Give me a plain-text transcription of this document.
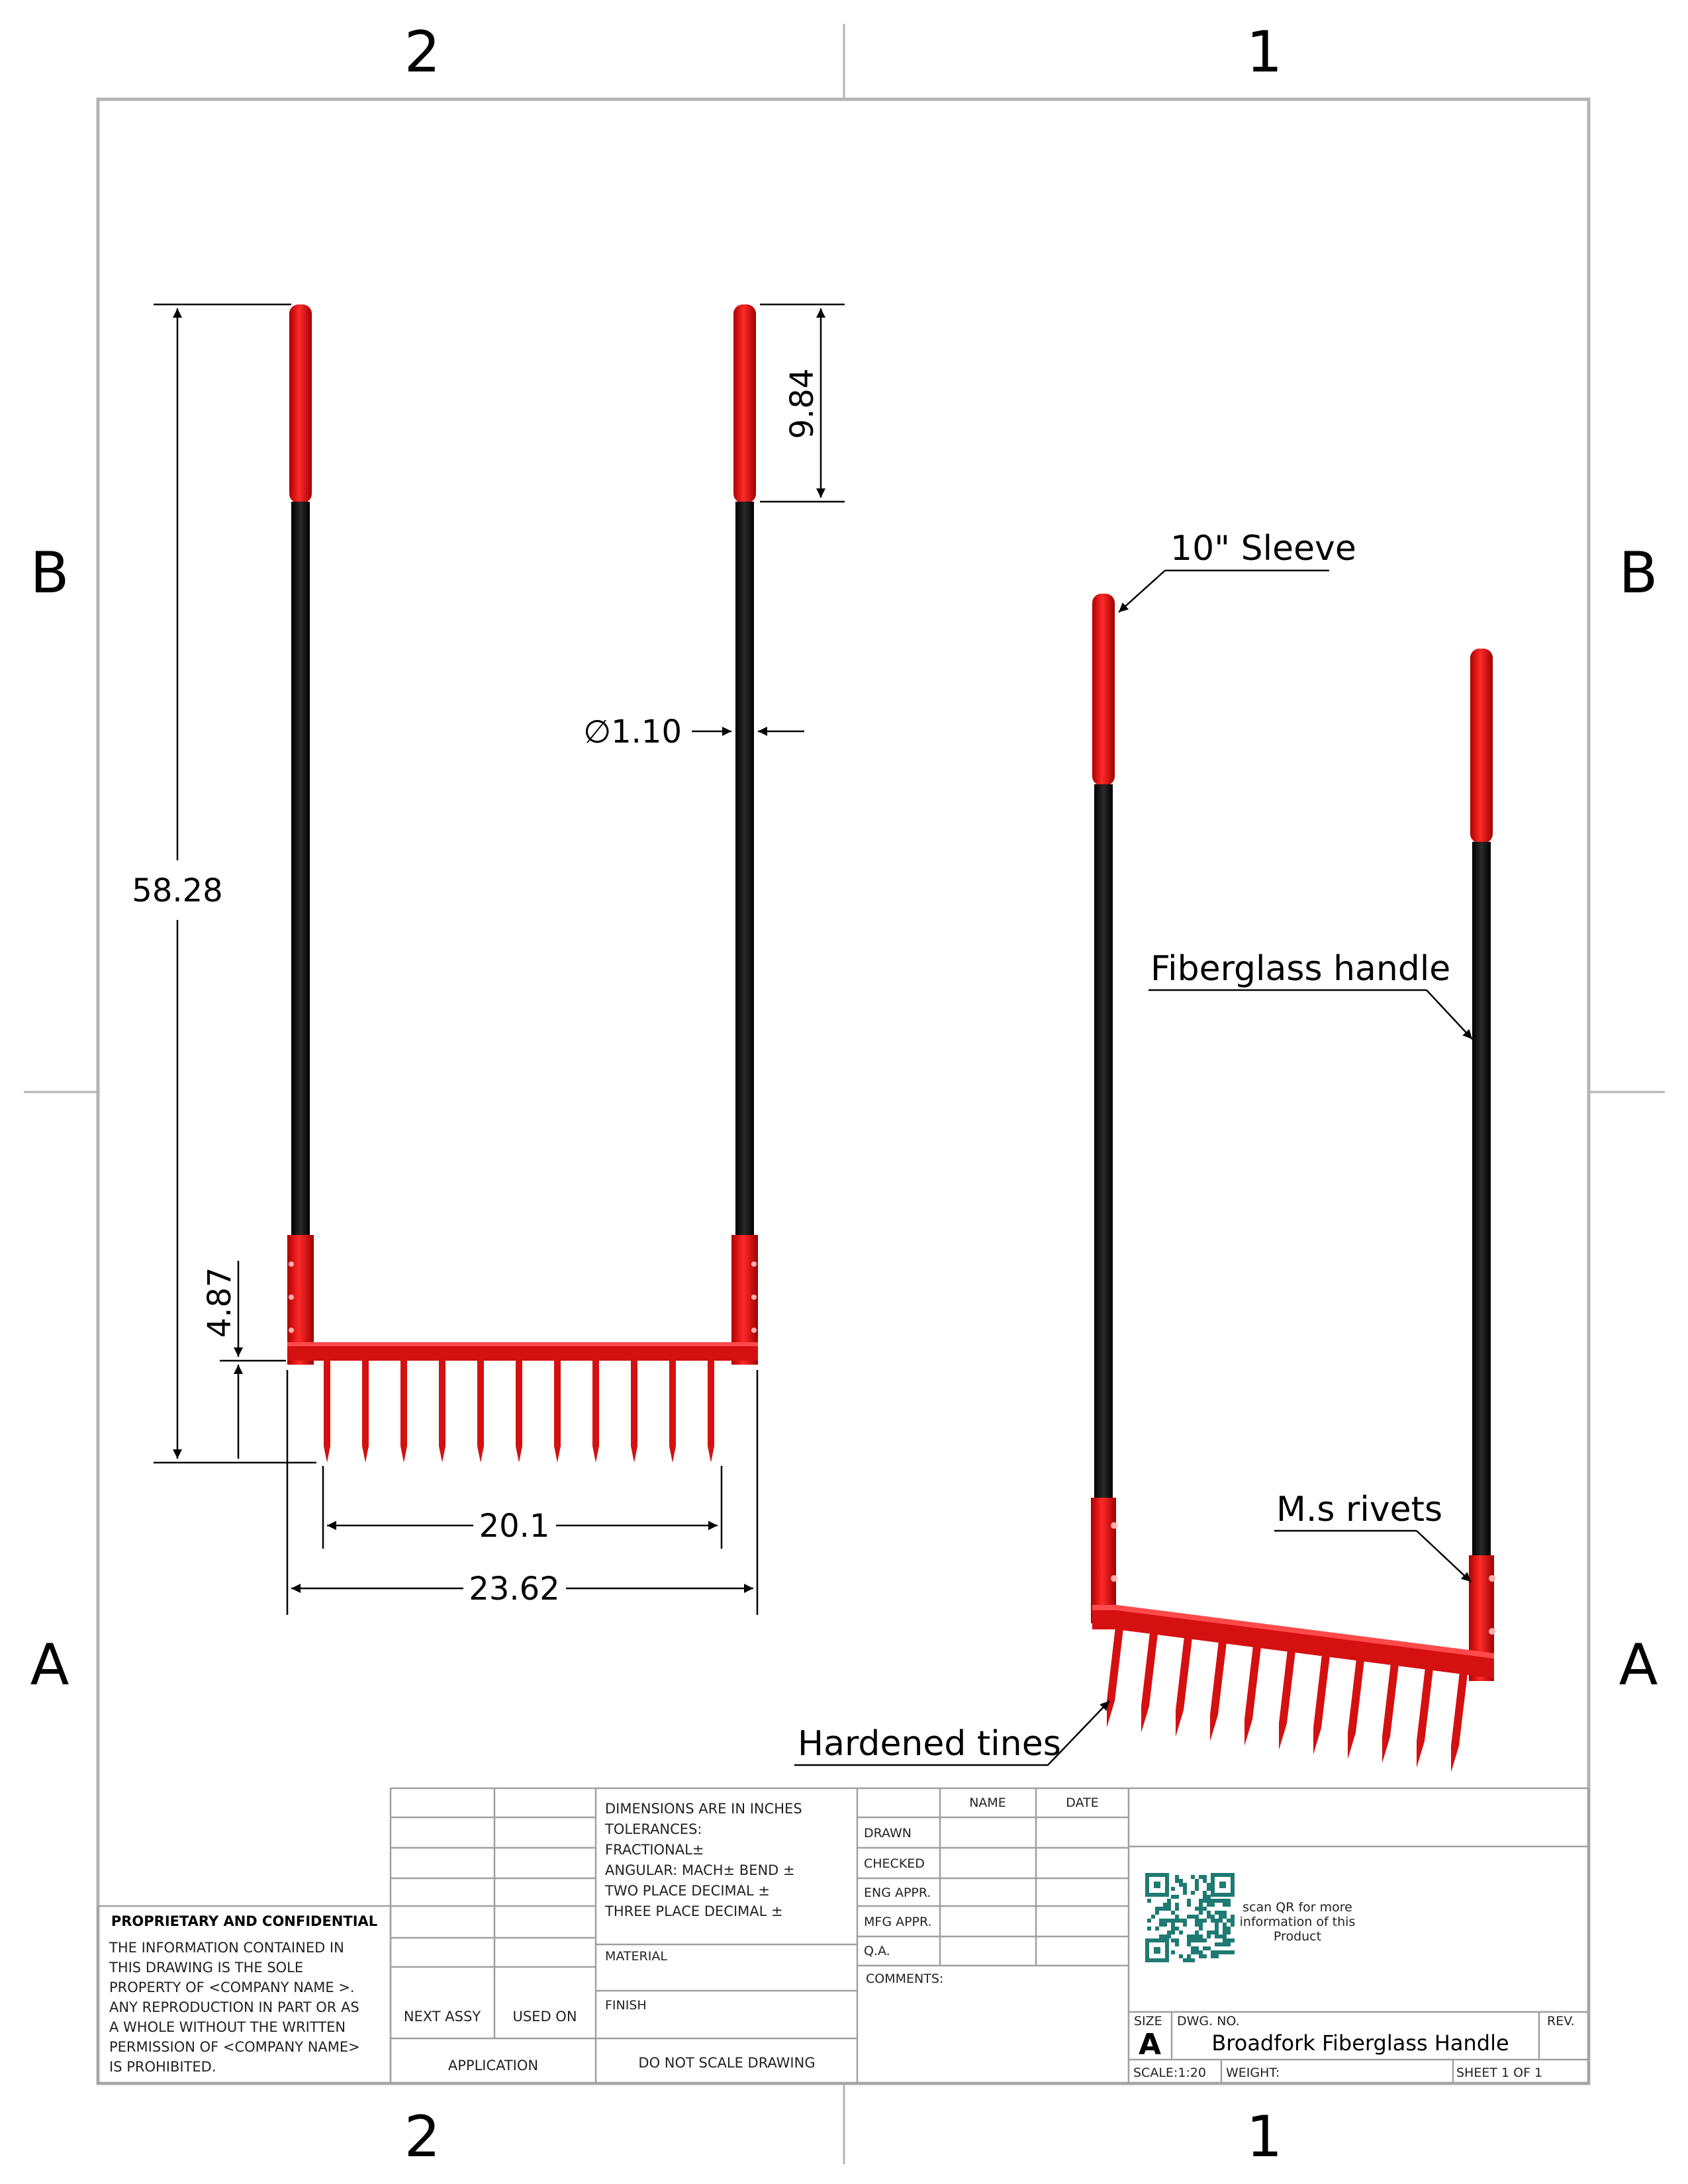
2	1
2	1
B
A
B
A
58.28
9.84
4.87
∅1.10
20.1
23.62
10" Sleeve
Fiberglass handle
M.s rivets
Hardened tines
PROPRIETARY AND CONFIDENTIAL
THE INFORMATION CONTAINED IN
THIS DRAWING IS THE SOLE
PROPERTY OF <COMPANY NAME >.
ANY REPRODUCTION IN PART OR AS
A WHOLE WITHOUT THE WRITTEN
PERMISSION OF <COMPANY NAME>
IS PROHIBITED.
NEXT ASSY USED ON
APPLICATION
DIMENSIONS ARE IN INCHES
TOLERANCES:
FRACTIONAL±
ANGULAR: MACH± BEND ±
TWO PLACE DECIMAL ±
THREE PLACE DECIMAL ±
MATERIAL
FINISH
DO NOT SCALE DRAWING
NAME	DATE
DRAWN
CHECKED
ENG APPR.
MFG APPR.
Q.A.
COMMENTS:
scan QR for more
information of this
Product
SIZE
A
DWG. NO.
Broadfork Fiberglass Handle
REV.
SCALE:1:20 WEIGHT:	SHEET 1 OF 1
